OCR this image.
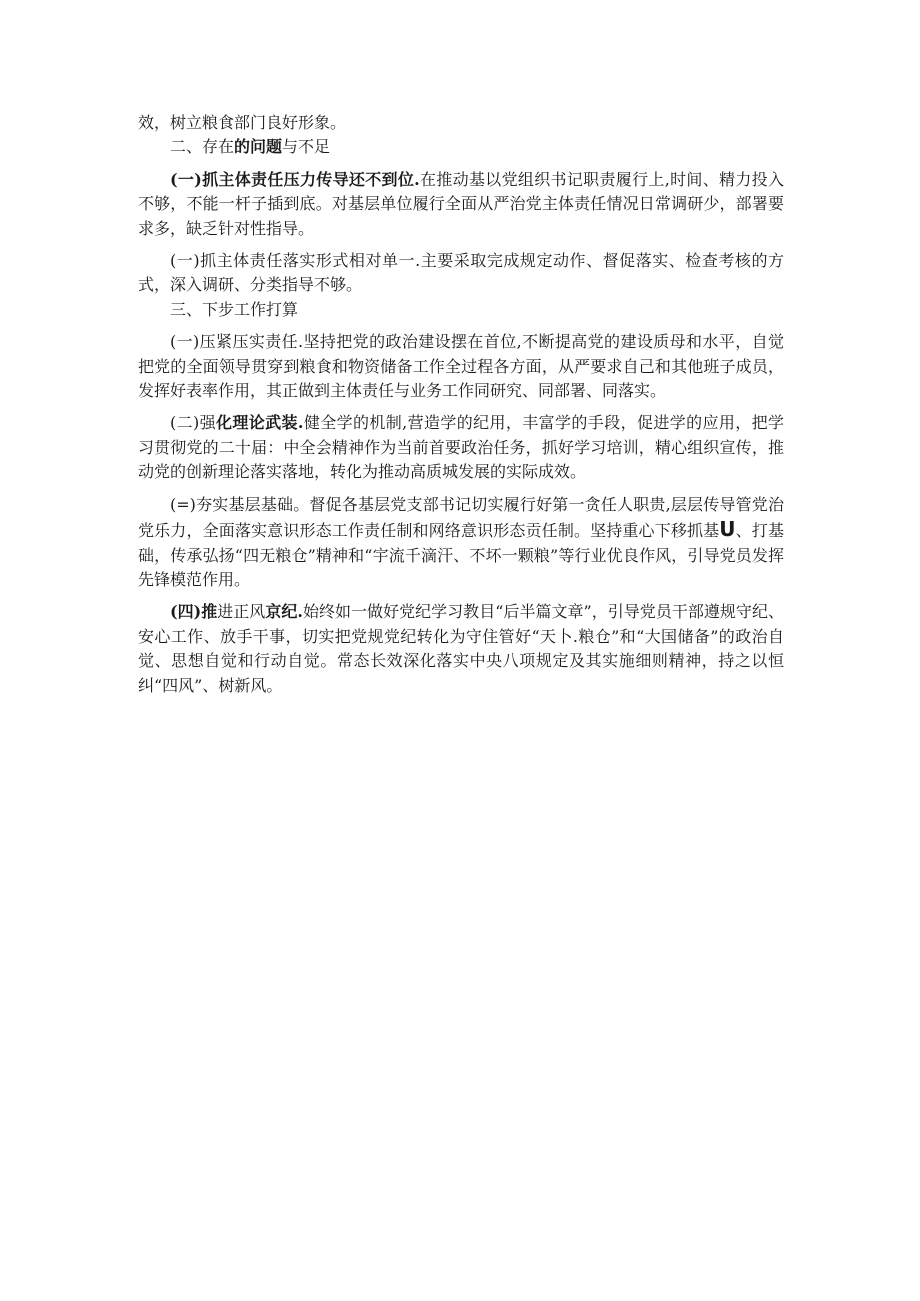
效，树立粮食部门良好形象。

二、存在的问题与不足

(一)抓主体责任压力传导还不到位.在推动基以党组织书记职责履行上,时间、精力投入不够，不能一杆子插到底。对基层单位履行全面从严治党主体责任情况日常调研少，部署要求多，缺乏针对性指导。

(一)抓主体责任落实形式相对单一.主要采取完成规定动作、督促落实、检查考核的方式，深入调研、分类指导不够。

三、下步工作打算

(一)压紧压实责任.坚持把党的政治建设摆在首位,不断提高党的建设质母和水平，自觉把党的全面领导贯穿到粮食和物资储备工作全过程各方面，从严要求自己和其他班子成员，发挥好表率作用，其正做到主体责任与业务工作同研究、同部署、同落实。

(二)强化理论武装.健全学的机制,营造学的纪用，丰富学的手段，促进学的应用，把学习贯彻党的二十届：中全会精神作为当前首要政治任务，抓好学习培训，精心组织宣传，推动党的创新理论落实落地，转化为推动高质城发展的实际成效。

(=)夯实基层基础。督促各基层党支部书记切实履行好第一贪任人职贵,层层传导管党治党乐力，全面落实意识形态工作责任制和网络意识形态贡任制。坚持重心下移抓基U、打基础，传承弘扬“四无粮仓”精神和“宇流千滴汗、不坏一颗粮”等行业优良作风，引导党员发挥先锋模范作用。

(四)推进正风京纪.始终如一做好党纪学习教目“后半篇文章”，引导党员干部遵规守纪、安心工作、放手干事，切实把党规党纪转化为守住管好“天卜.粮仓”和“大国储备”的政治自觉、思想自觉和行动自觉。常态长效深化落实中央八项规定及其实施细则精神，持之以恒纠“四风”、树新风。
